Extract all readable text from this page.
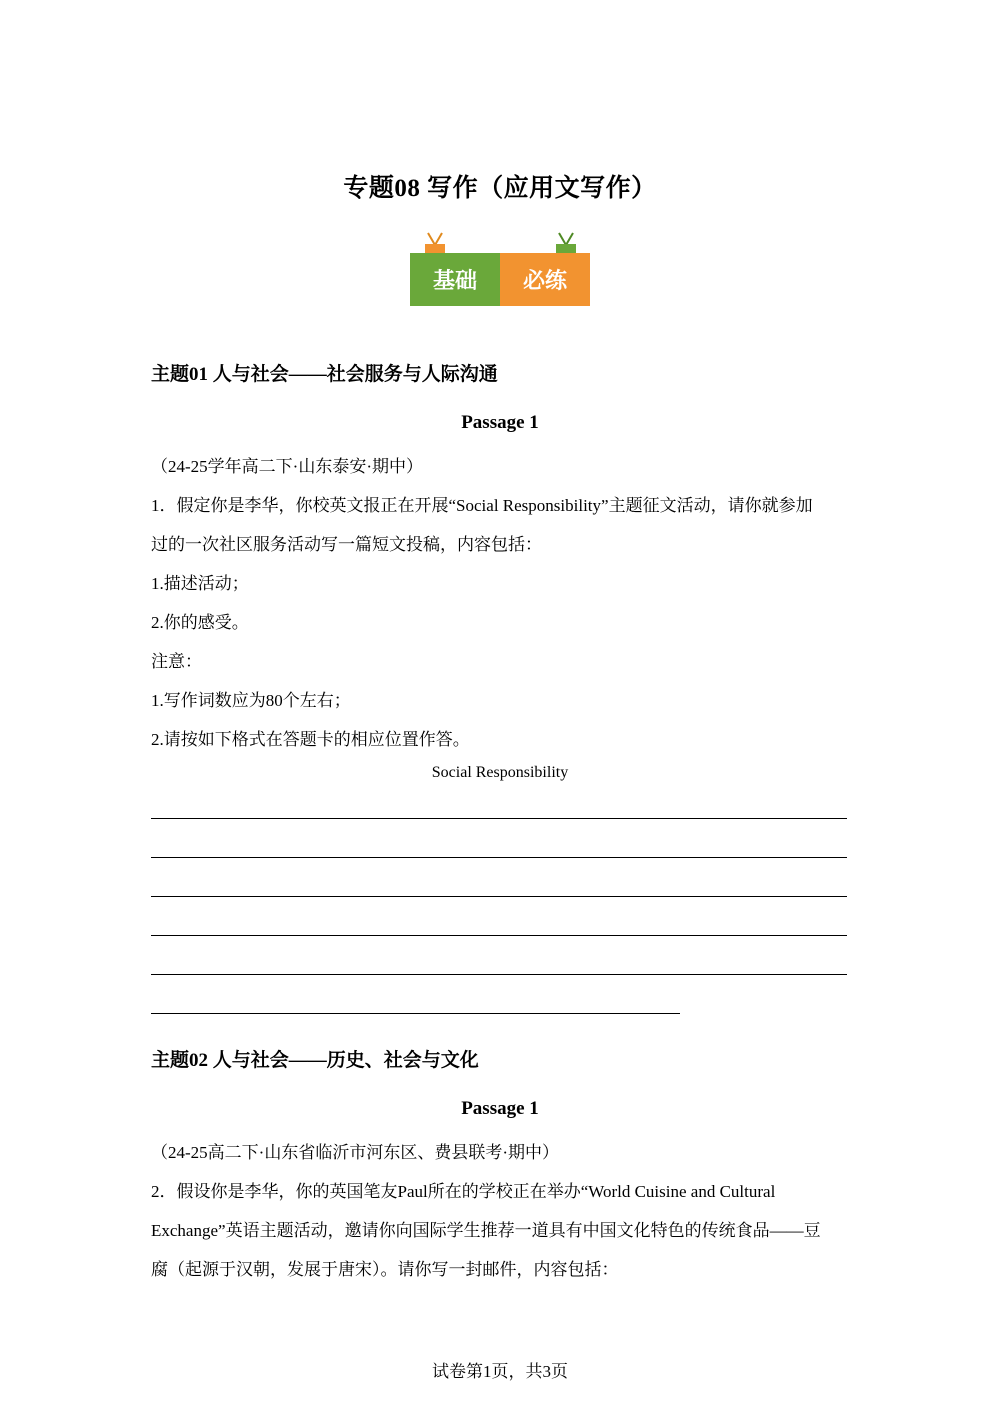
专题08 写作（应用文写作）
基础	必练
主题01 人与社会——社会服务与人际沟通
Passage 1
（24-25学年高二下·山东泰安·期中）
1．假定你是李华，你校英文报正在开展“Social Responsibility”主题征文活动，请你就参加
过的一次社区服务活动写一篇短文投稿，内容包括：
1.描述活动；
2.你的感受。
注意：
1.写作词数应为80个左右；
2.请按如下格式在答题卡的相应位置作答。
Social Responsibility
主题02 人与社会——历史、社会与文化
Passage 1
（24-25高二下·山东省临沂市河东区、费县联考·期中）
2．假设你是李华，你的英国笔友Paul所在的学校正在举办“World Cuisine and Cultural
Exchange”英语主题活动，邀请你向国际学生推荐一道具有中国文化特色的传统食品——豆
腐（起源于汉朝，发展于唐宋）。请你写一封邮件，内容包括：
试卷第1页，共3页
